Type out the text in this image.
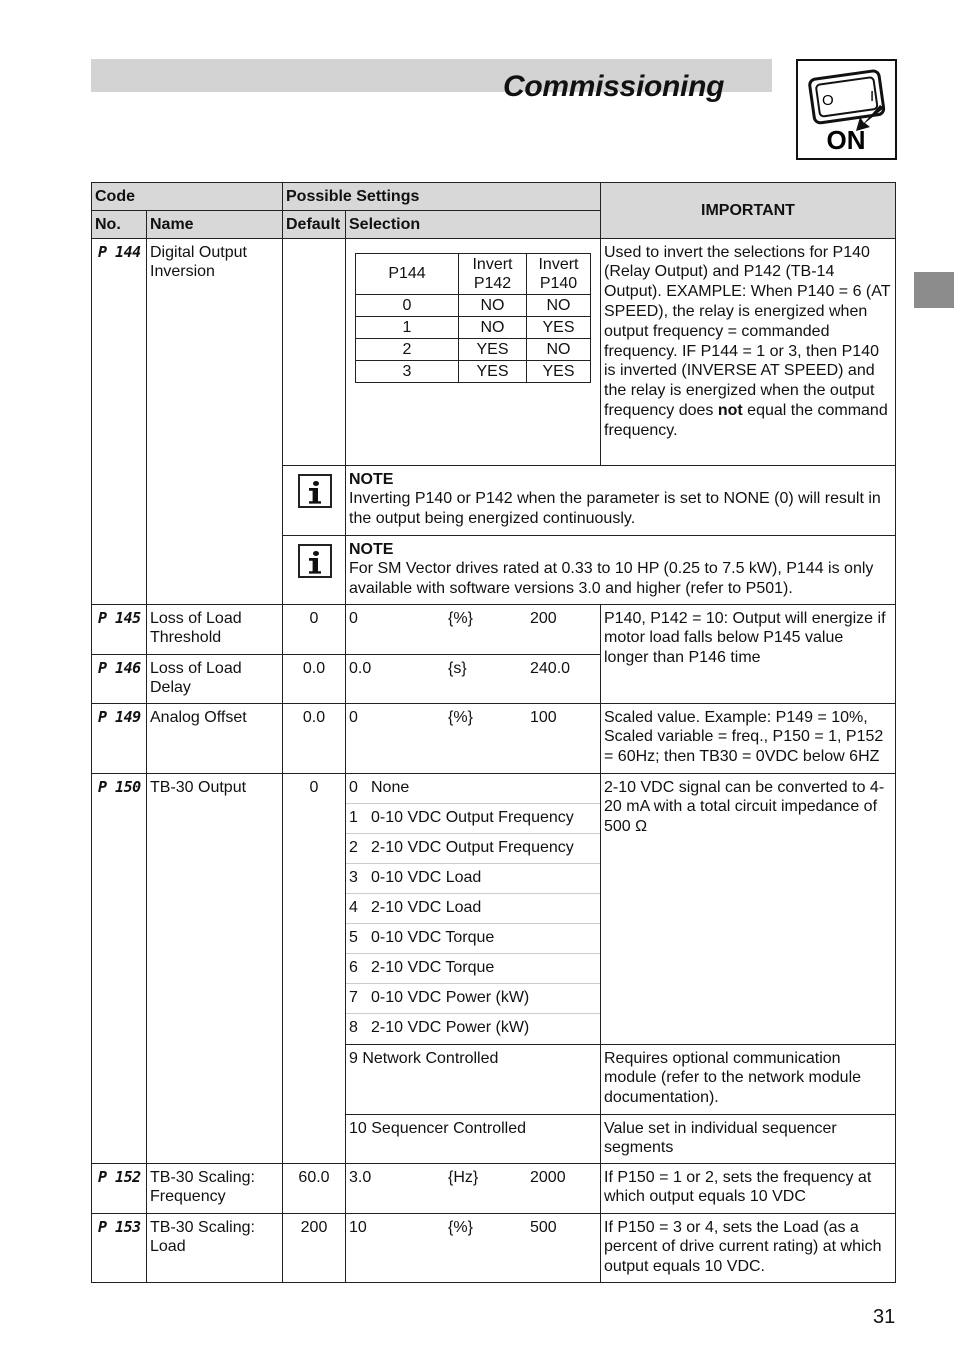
Commissioning	O I
ON
Code	Possible Settings	IMPORTANT
No.	Name	Default	Selection
P 144	Digital Output Inversion			P144	Invert P142	Invert P140
0	NO	NO
1	NO	YES
2	YES	NO
3	YES	YES
	Used to invert the selections for P140 (Relay Output) and P142 (TB-14 Output). EXAMPLE: When P140 = 6 (AT SPEED), the relay is energized when output frequency = commanded frequency. IF P144 = 1 or 3, then P140 is inverted (INVERSE AT SPEED) and the relay is energized when the output frequency does not equal the command frequency.
	NOTE
Inverting P140 or P142 when the parameter is set to NONE (0) will result in the output being energized continuously.
	NOTE
For SM Vector drives rated at 0.33 to 10 HP (0.25 to 7.5 kW), P144 is only available with software versions 3.0 and higher (refer to P501).
P 145	Loss of Load Threshold	0	0	{%}	200	P140, P142 = 10: Output will energize if motor load falls below P145 value longer than P146 time
P 146	Loss of Load Delay	0.0	0.0	{s}	240.0

P 149	Analog Offset	0.0	0	{%}	100	Scaled value. Example: P149 = 10%, Scaled variable = freq., P150 = 1, P152 = 60Hz; then TB30 = 0VDC below 6HZ
P 150	TB-30 Output	0	0 None
1 0-10 VDC Output Frequency
2 2-10 VDC Output Frequency
3 0-10 VDC Load
4 2-10 VDC Load
5 0-10 VDC Torque
6 2-10 VDC Torque
7 0-10 VDC Power (kW)
8 2-10 VDC Power (kW)
	2-10 VDC signal can be converted to 4-20 mA with a total circuit impedance of 500 Ω
9 Network Controlled	Requires optional communication module (refer to the network module documentation).
10 Sequencer Controlled	Value set in individual sequencer segments
P 152	TB-30 Scaling: Frequency	60.0	3.0	{Hz}	2000	If P150 = 1 or 2, sets the frequency at which output equals 10 VDC
P 153	TB-30 Scaling: Load	200	10	{%}	500	If P150 = 3 or 4, sets the Load (as a percent of drive current rating) at which output equals 10 VDC.
31
